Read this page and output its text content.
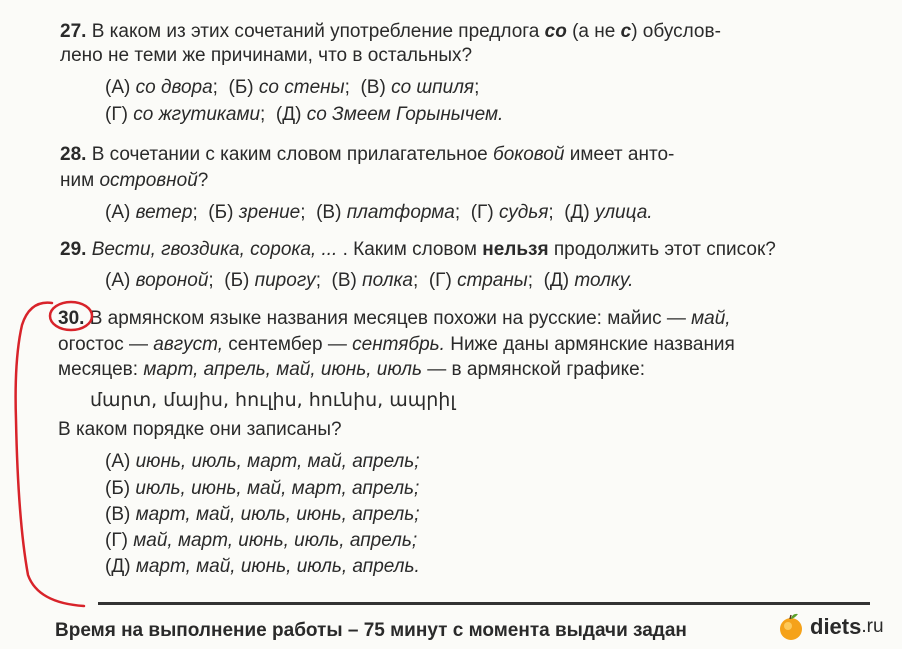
27. В каком из этих сочетаний употребление предлога со (а не с) обуслов-
лено не теми же причинами, что в остальных?
(А) со двора;  (Б) со стены;  (В) со шпиля;
(Г) со жгутиками;  (Д) со Змеем Горынычем.
28. В сочетании с каким словом прилагательное боковой имеет анто-
ним островной?
(А) ветер;  (Б) зрение;  (В) платформа;  (Г) судья;  (Д) улица.
29. Вести, гвоздика, сорока, ... . Каким словом нельзя продолжить этот список?
(А) вороной;  (Б) пирогу;  (В) полка;  (Г) страны;  (Д) толку.
30. В армянском языке названия месяцев похожи на русские: майис — май,
огостос — август, сентембер — сентябрь. Ниже даны армянские названия
месяцев: март, апрель, май, июнь, июль — в армянской графике:
մարտ, մայիս, հուլիս, հունիս, ապրիլ
В каком порядке они записаны?
(А) июнь, июль, март, май, апрель;
(Б) июль, июнь, май, март, апрель;
(В) март, май, июль, июнь, апрель;
(Г) май, март, июнь, июль, апрель;
(Д) март, май, июнь, июль, апрель.
Время на выполнение работы – 75 минут с момента выдачи задан	diets .ru
